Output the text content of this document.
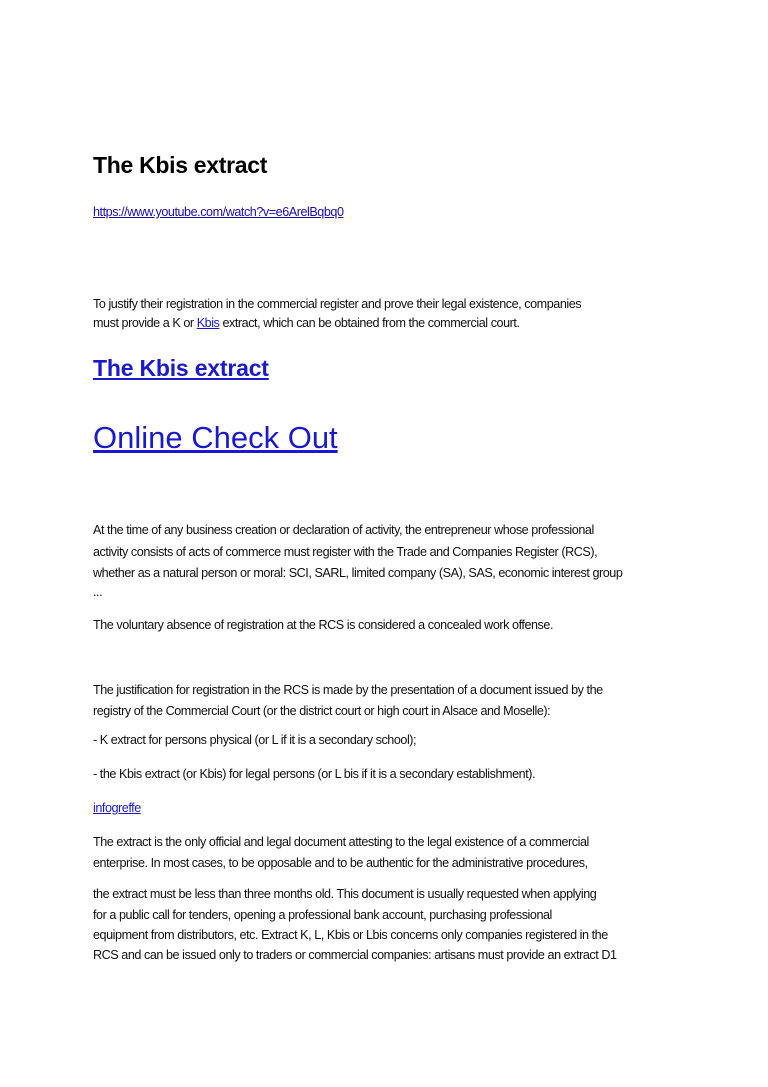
The Kbis extract
https://www.youtube.com/watch?v=e6ArelBqbq0
To justify their registration in the commercial register and prove their legal existence, companies
must provide a K or Kbis extract, which can be obtained from the commercial court.
The Kbis extract
Online Check Out
At the time of any business creation or declaration of activity, the entrepreneur whose professional
activity consists of acts of commerce must register with the Trade and Companies Register (RCS),
whether as a natural person or moral: SCI, SARL, limited company (SA), SAS, economic interest group
...
The voluntary absence of registration at the RCS is considered a concealed work offense.
The justification for registration in the RCS is made by the presentation of a document issued by the
registry of the Commercial Court (or the district court or high court in Alsace and Moselle):
- K extract for persons physical (or L if it is a secondary school);
- the Kbis extract (or Kbis) for legal persons (or L bis if it is a secondary establishment).
infogreffe
The extract is the only official and legal document attesting to the legal existence of a commercial
enterprise. In most cases, to be opposable and to be authentic for the administrative procedures,
the extract must be less than three months old. This document is usually requested when applying
for a public call for tenders, opening a professional bank account, purchasing professional
equipment from distributors, etc. Extract K, L, Kbis or Lbis concerns only companies registered in the
RCS and can be issued only to traders or commercial companies: artisans must provide an extract D1
